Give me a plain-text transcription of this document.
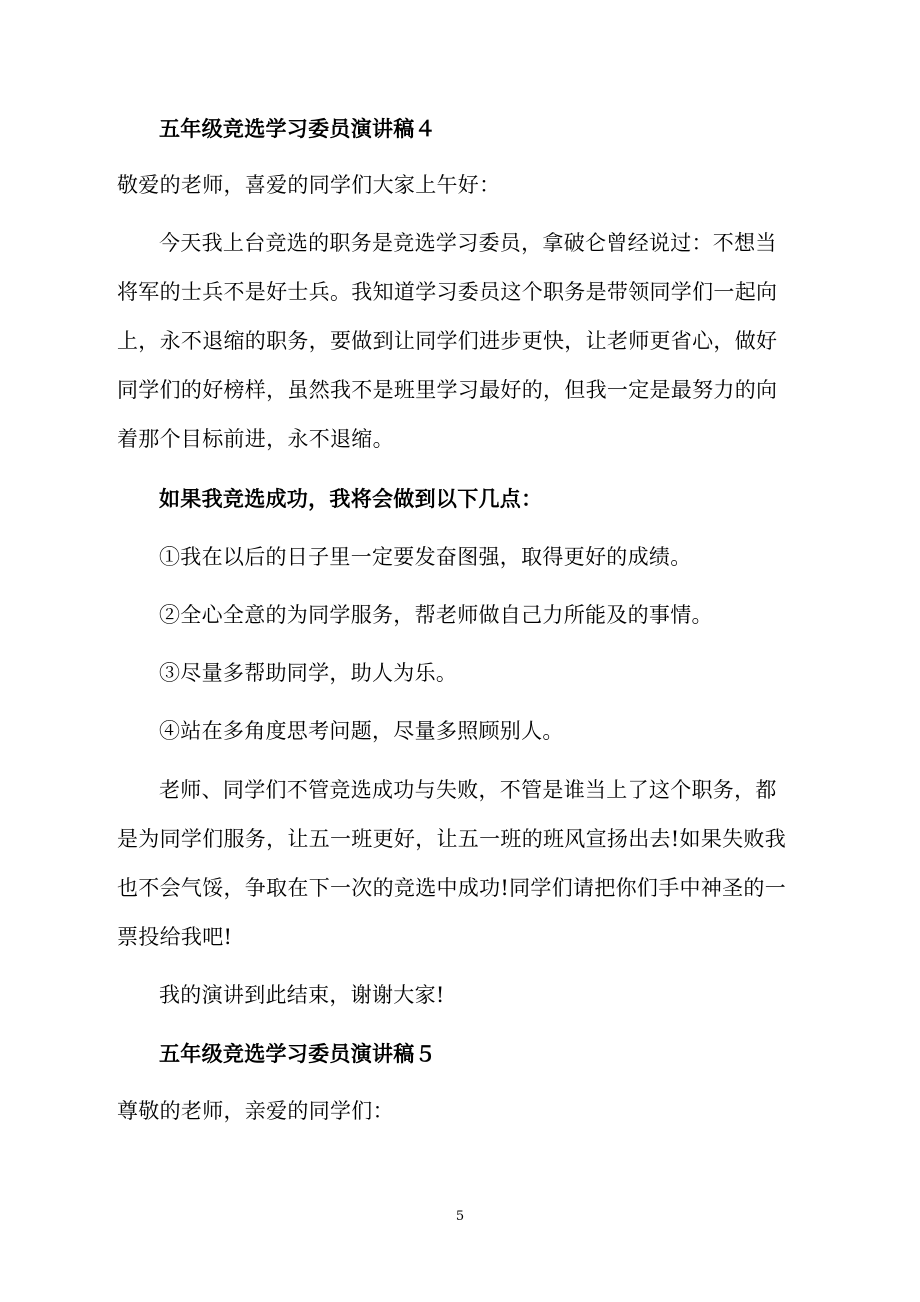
五年级竞选学习委员演讲稿４
敬爱的老师，喜爱的同学们大家上午好：
今天我上台竞选的职务是竞选学习委员，拿破仑曾经说过：不想当
将军的士兵不是好士兵。我知道学习委员这个职务是带领同学们一起向
上，永不退缩的职务，要做到让同学们进步更快，让老师更省心，做好
同学们的好榜样，虽然我不是班里学习最好的，但我一定是最努力的向
着那个目标前进，永不退缩。
如果我竞选成功，我将会做到以下几点：
①我在以后的日子里一定要发奋图强，取得更好的成绩。
②全心全意的为同学服务，帮老师做自己力所能及的事情。
③尽量多帮助同学，助人为乐。
④站在多角度思考问题，尽量多照顾别人。
老师、同学们不管竞选成功与失败，不管是谁当上了这个职务，都
是为同学们服务，让五一班更好，让五一班的班风宣扬出去!如果失败我
也不会气馁，争取在下一次的竞选中成功!同学们请把你们手中神圣的一
票投给我吧!
我的演讲到此结束，谢谢大家!
五年级竞选学习委员演讲稿５
尊敬的老师，亲爱的同学们：
5
